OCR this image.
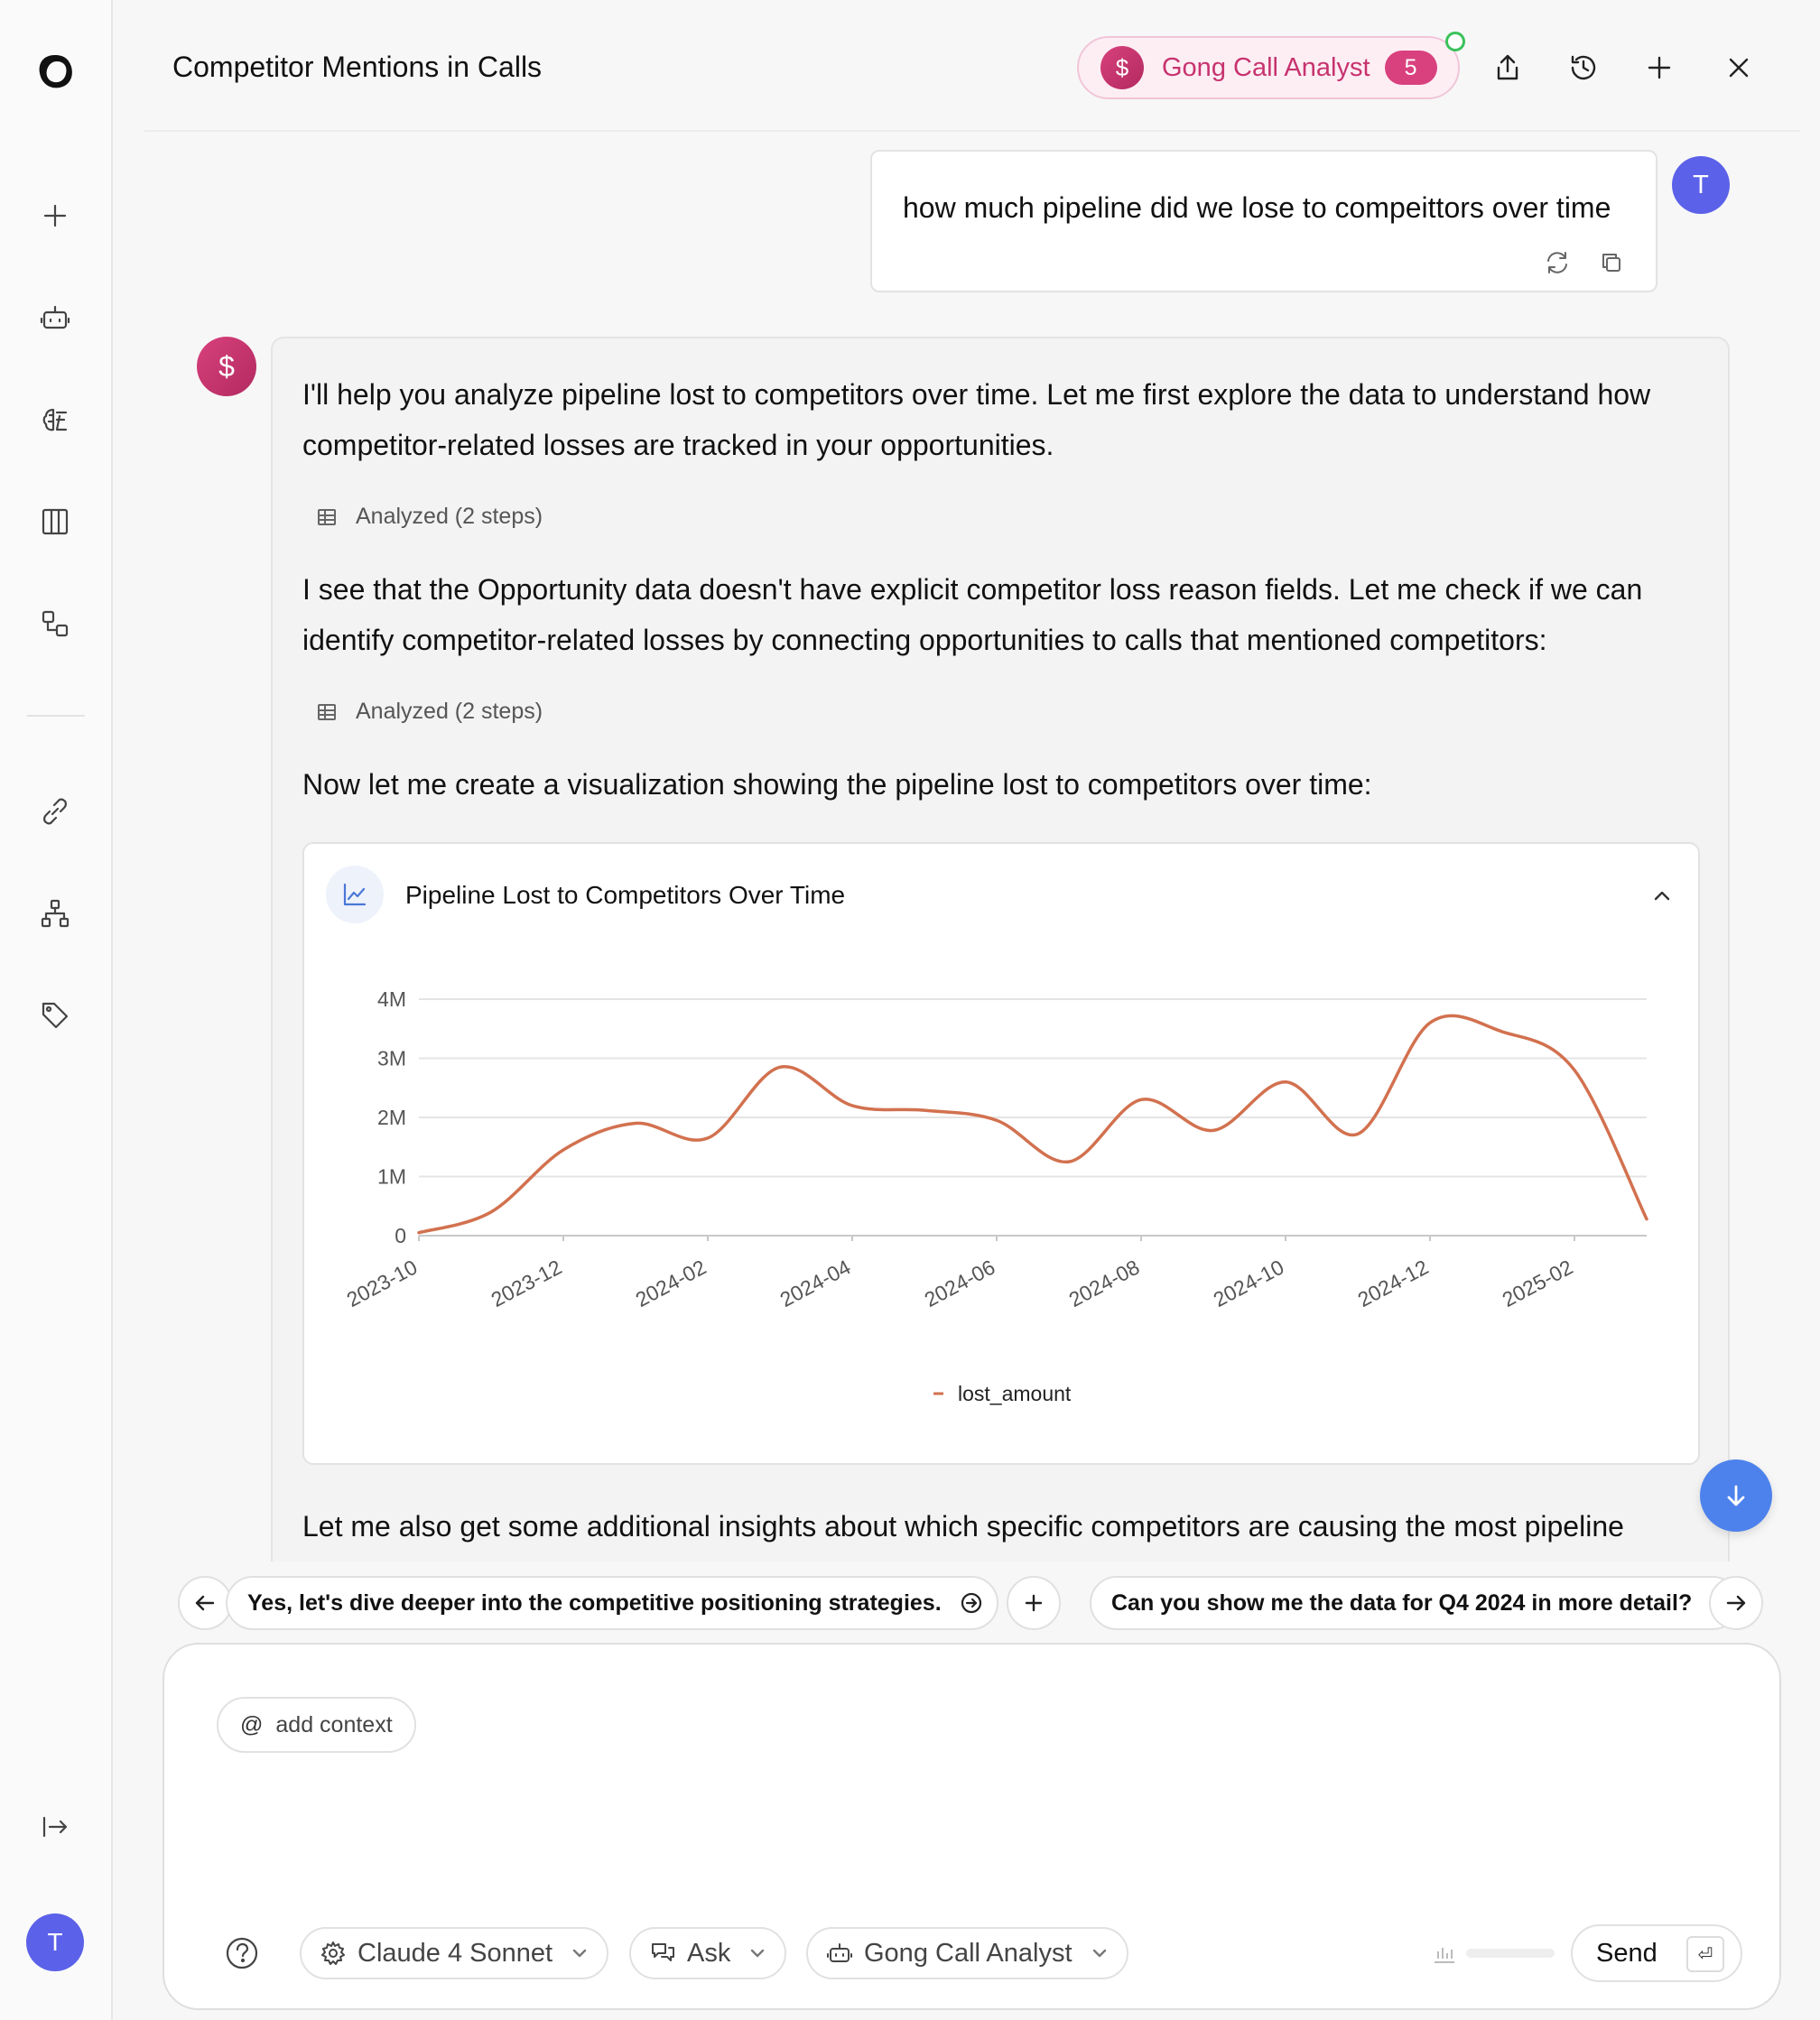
T
Competitor Mentions in Calls	$	Gong Call Analyst	5
how much pipeline did we lose to compeittors over time
T
$
I'll help you analyze pipeline lost to competitors over time. Let me first explore the data to understand how competitor-related losses are tracked in your opportunities.
Analyzed (2 steps)
I see that the Opportunity data doesn't have explicit competitor loss reason fields. Let me check if we can identify competitor-related losses by connecting opportunities to calls that mentioned competitors:
Analyzed (2 steps)
Now let me create a visualization showing the pipeline lost to competitors over time:
Pipeline Lost to Competitors Over Time
0
1M
2M
3M
4M
2023-10	2023-12	2024-02	2024-04	2024-06	2024-08	2024-10	2024-12	2025-02
lost_amount
Let me also get some additional insights about which specific competitors are causing the most pipeline
Yes, let's dive deeper into the competitive positioning strategies.	Can you show me the data for Q4 2024 in more detail?
@ add context
Claude 4 Sonnet	Ask	Gong Call Analyst	Send	⏎
